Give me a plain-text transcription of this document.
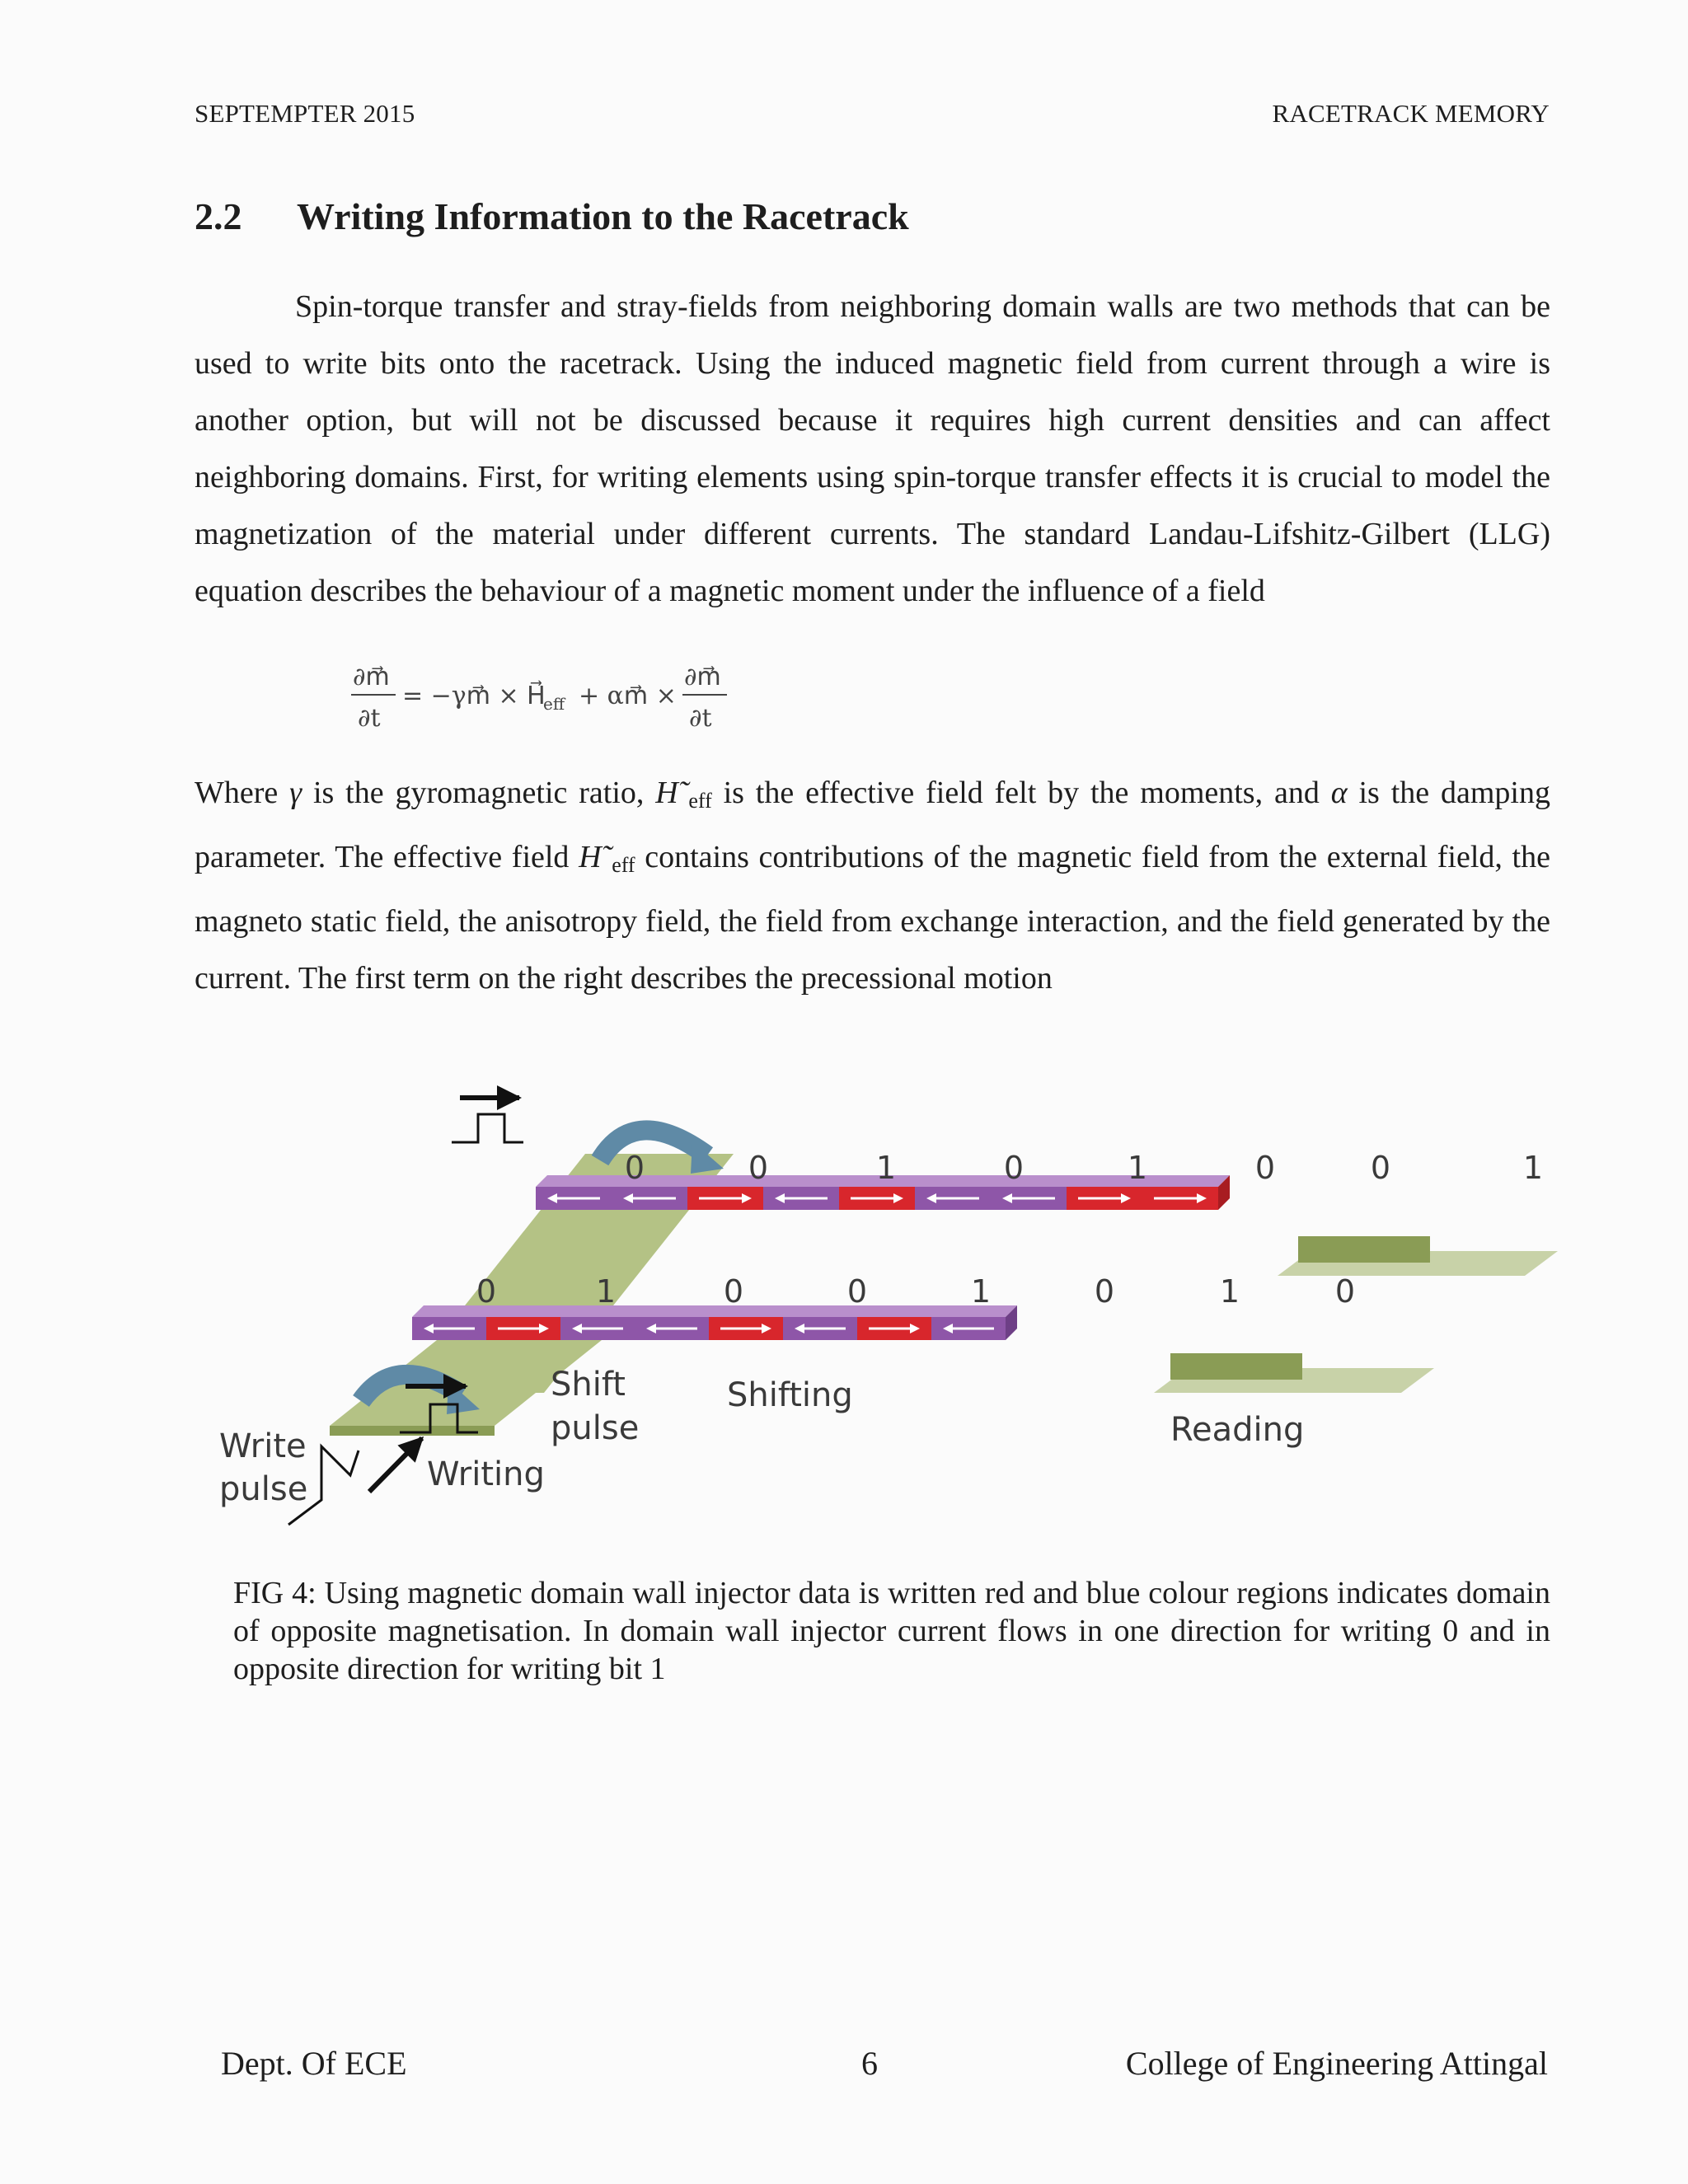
SEPTEMPTER 2015	RACETRACK MEMORY
2.2 Writing Information to the Racetrack
Spin-torque transfer and stray-fields from neighboring domain walls are two methods that can be used to write bits onto the racetrack. Using the induced magnetic field from current through a wire is another option, but will not be discussed because it requires high current densities and can affect neighboring domains. First, for writing elements using spin-torque transfer effects it is crucial to model the magnetization of the material under different currents. The standard Landau-Lifshitz-Gilbert (LLG) equation describes the behaviour of a magnetic moment under the influence of a field
∂m⃗
∂t
= −γm⃗ × H⃗
eff + αm⃗ ×
∂m⃗
∂t
Where γ is the gyromagnetic ratio, $H˜_{eff}$ is the effective field felt by the moments, and α is the damping parameter. The effective field $H˜_{eff}$ contains contributions of the magnetic field from the external field, the magneto static field, the anisotropy field, the field from exchange interaction, and the field generated by the current. The first term on the right describes the precessional motion
0	0	1	0	1	0	0	1
0	1	0	0	1	0	1	0
Write
pulse	Writing
Shift
pulse
Shifting
Reading
FIG 4: Using magnetic domain wall injector data is written red and blue colour regions indicates domain of opposite magnetisation. In domain wall injector current flows in one direction for writing 0 and in opposite direction for writing bit 1
Dept. Of ECE	6	College of Engineering Attingal
